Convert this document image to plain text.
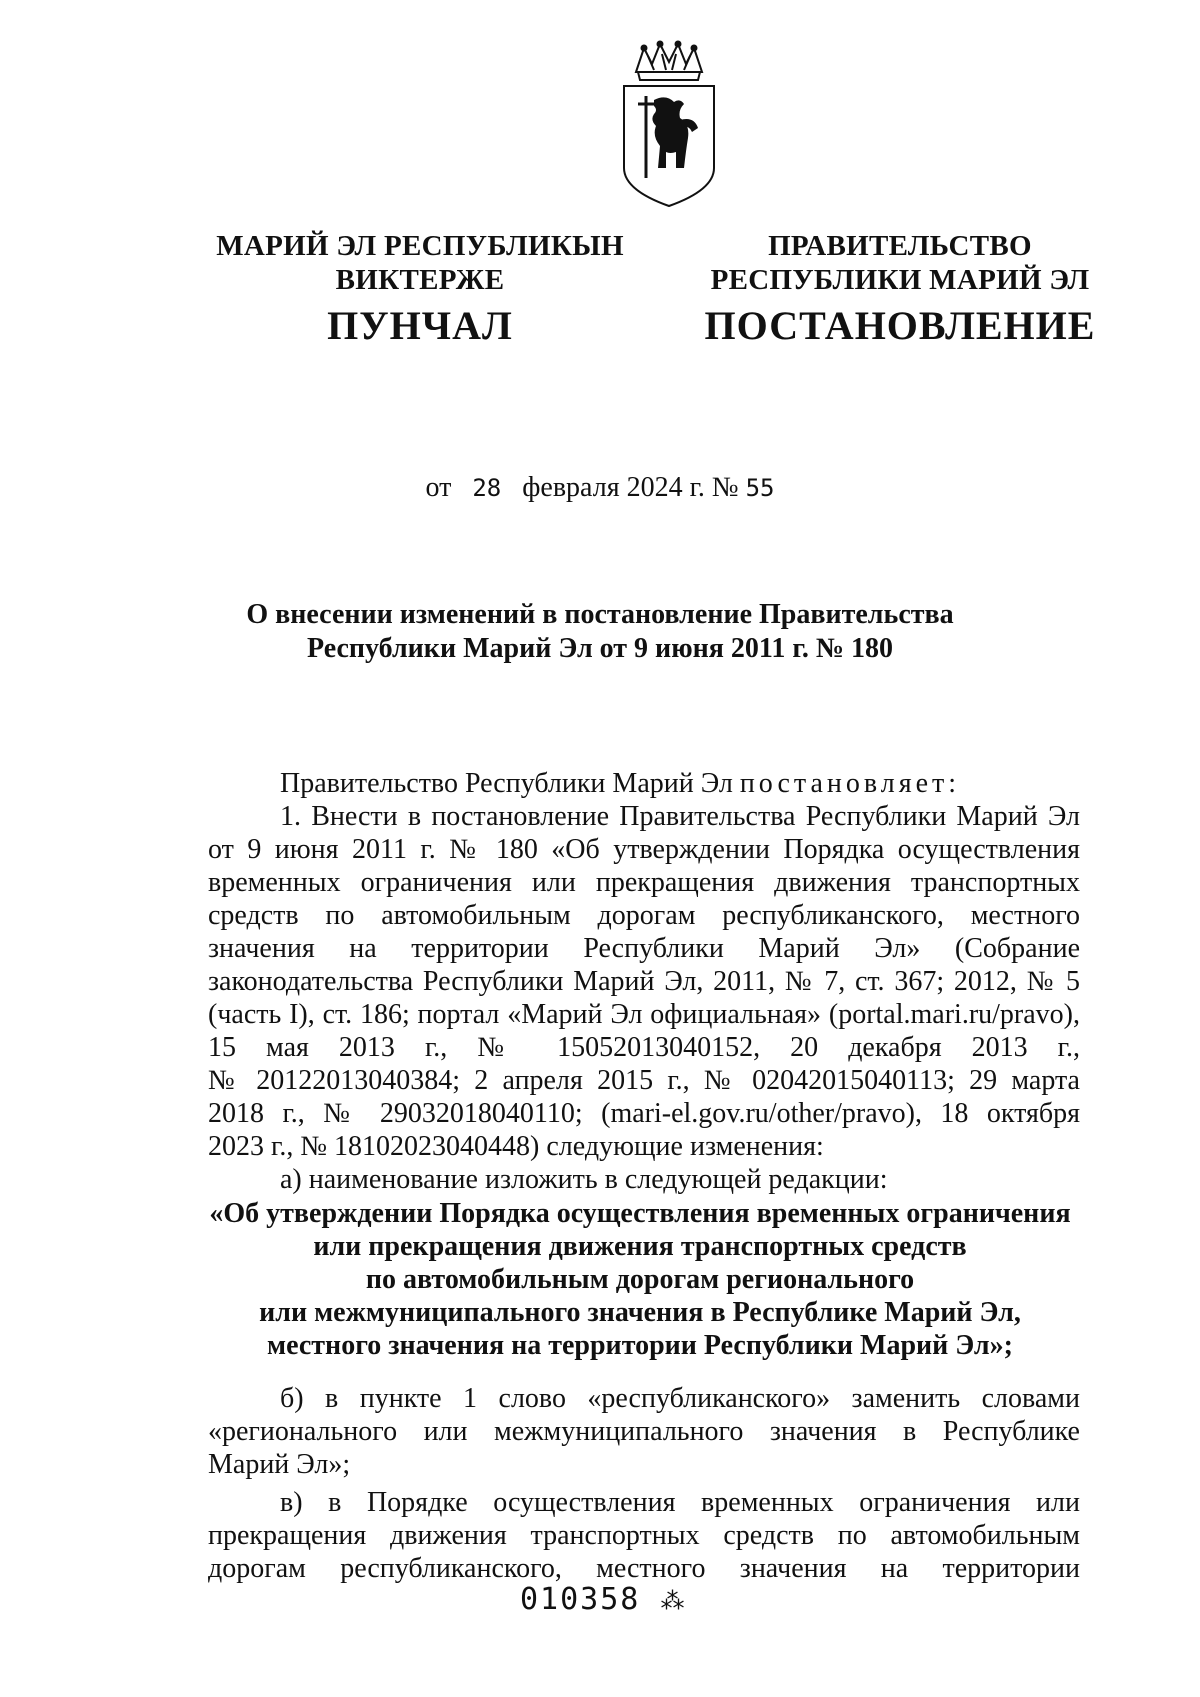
МАРИЙ ЭЛ РЕСПУБЛИКЫН
ВИКТЕРЖЕ
ПУНЧАЛ
ПРАВИТЕЛЬСТВО
РЕСПУБЛИКИ МАРИЙ ЭЛ
ПОСТАНОВЛЕНИЕ
от 28 февраля 2024 г. № 55
О внесении изменений в постановление Правительства
Республики Марий Эл от 9 июня 2011 г. № 180

Правительство Республики Марий Эл постановляет:

1. Внести в постановление Правительства Республики Марий Эл

от 9 июня 2011 г. № 180 «Об утверждении Порядка осуществления

временных ограничения или прекращения движения транспортных

средств по автомобильным дорогам республиканского, местного

значения на территории Республики Марий Эл» (Собрание

законодательства Республики Марий Эл, 2011, № 7, ст. 367; 2012, № 5

(часть I), ст. 186; портал «Марий Эл официальная» (portal.mari.ru/pravo),

15 мая 2013 г., № 15052013040152, 20 декабря 2013 г.,

№ 20122013040384; 2 апреля 2015 г., № 02042015040113; 29 марта

2018 г., № 29032018040110; (mari-el.gov.ru/other/pravo), 18 октября

2023 г., № 18102023040448) следующие изменения:

а) наименование изложить в следующей редакции:

«Об утверждении Порядка осуществления временных ограничения
или прекращения движения транспортных средств
по автомобильным дорогам регионального
или межмуниципального значения в Республике Марий Эл,
местного значения на территории Республики Марий Эл»;

б) в пункте 1 слово «республиканского» заменить словами

«регионального или межмуниципального значения в Республике

Марий Эл»;

в) в Порядке осуществления временных ограничения или

прекращения движения транспортных средств по автомобильным

дорогам республиканского, местного значения на территории

010358 ⁂
